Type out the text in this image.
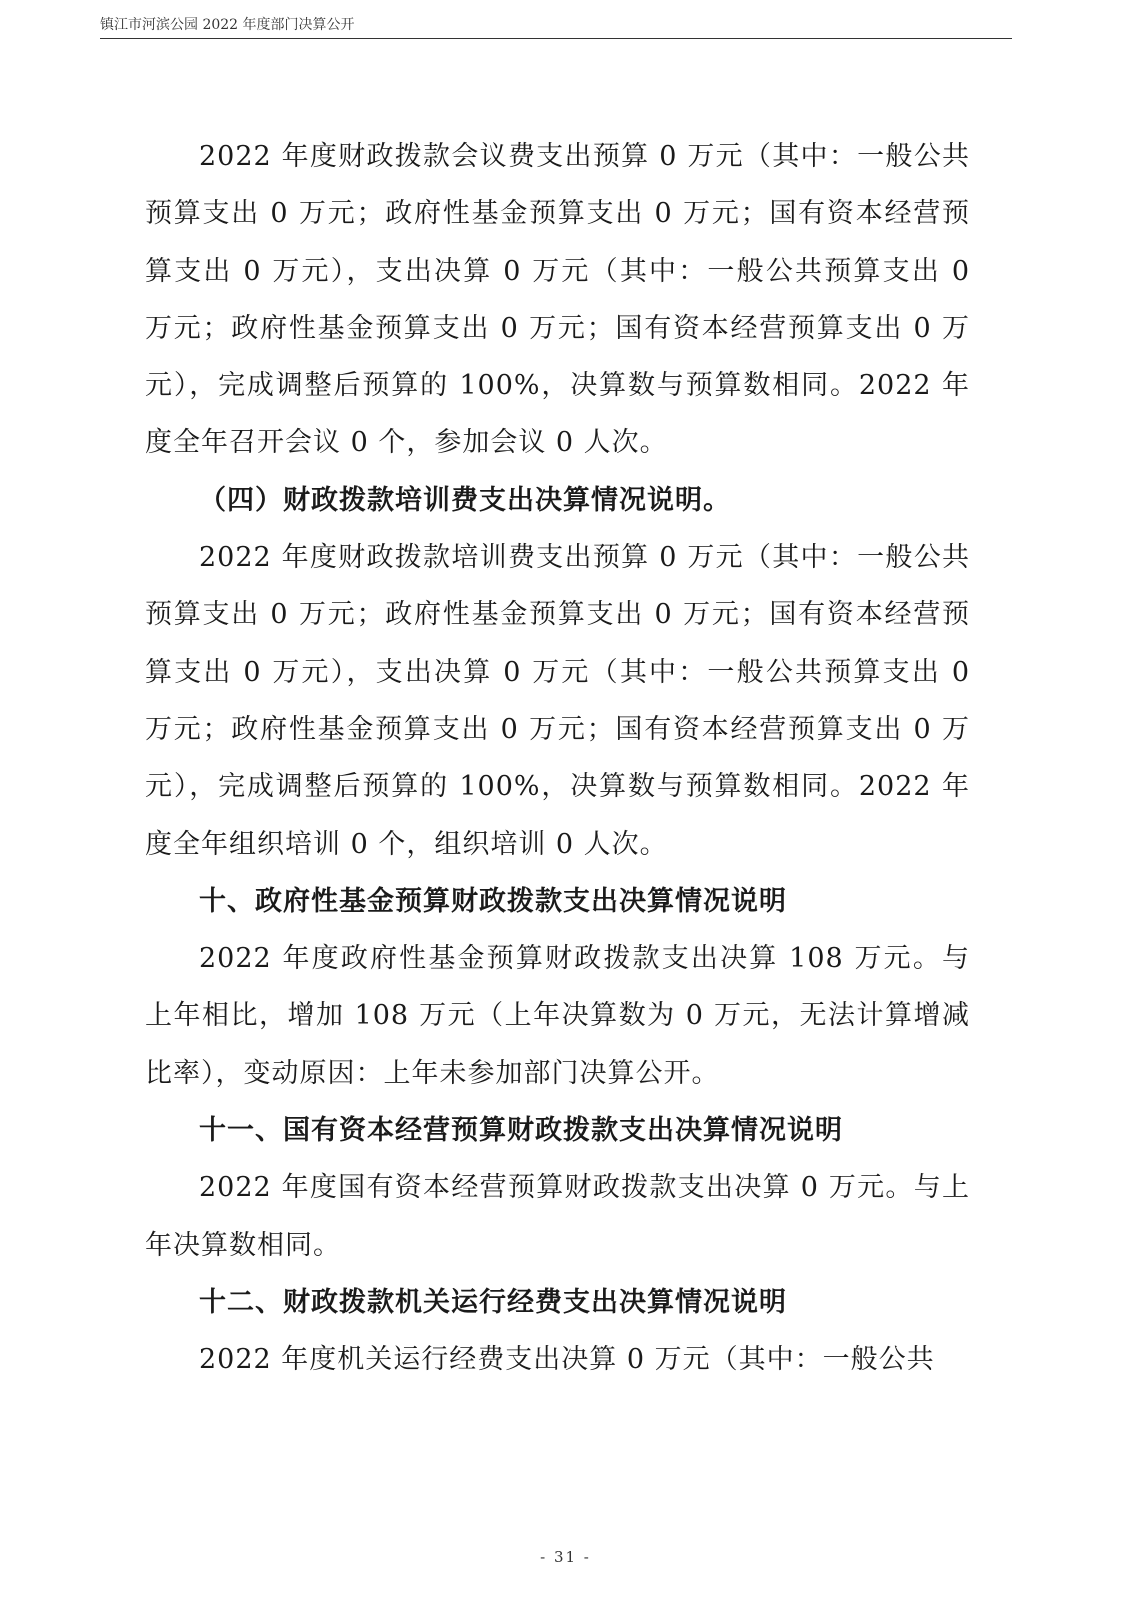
镇江市河滨公园 2022 年度部门决算公开

2022 年度财政拨款会议费支出预算 0 万元（其中：一般公共预算支出 0 万元；政府性基金预算支出 0 万元；国有资本经营预算支出 0 万元），支出决算 0 万元（其中：一般公共预算支出 0 万元；政府性基金预算支出 0 万元；国有资本经营预算支出 0 万元），完成调整后预算的 100%，决算数与预算数相同。2022 年度全年召开会议 0 个，参加会议 0 人次。

（四）财政拨款培训费支出决算情况说明。

2022 年度财政拨款培训费支出预算 0 万元（其中：一般公共预算支出 0 万元；政府性基金预算支出 0 万元；国有资本经营预算支出 0 万元），支出决算 0 万元（其中：一般公共预算支出 0 万元；政府性基金预算支出 0 万元；国有资本经营预算支出 0 万元），完成调整后预算的 100%，决算数与预算数相同。2022 年度全年组织培训 0 个，组织培训 0 人次。

十、政府性基金预算财政拨款支出决算情况说明

2022 年度政府性基金预算财政拨款支出决算 108 万元。与上年相比，增加 108 万元（上年决算数为 0 万元，无法计算增减比率），变动原因：上年未参加部门决算公开。

十一、国有资本经营预算财政拨款支出决算情况说明

2022 年度国有资本经营预算财政拨款支出决算 0 万元。与上年决算数相同。

十二、财政拨款机关运行经费支出决算情况说明

2022 年度机关运行经费支出决算 0 万元（其中：一般公共

- 31 -
